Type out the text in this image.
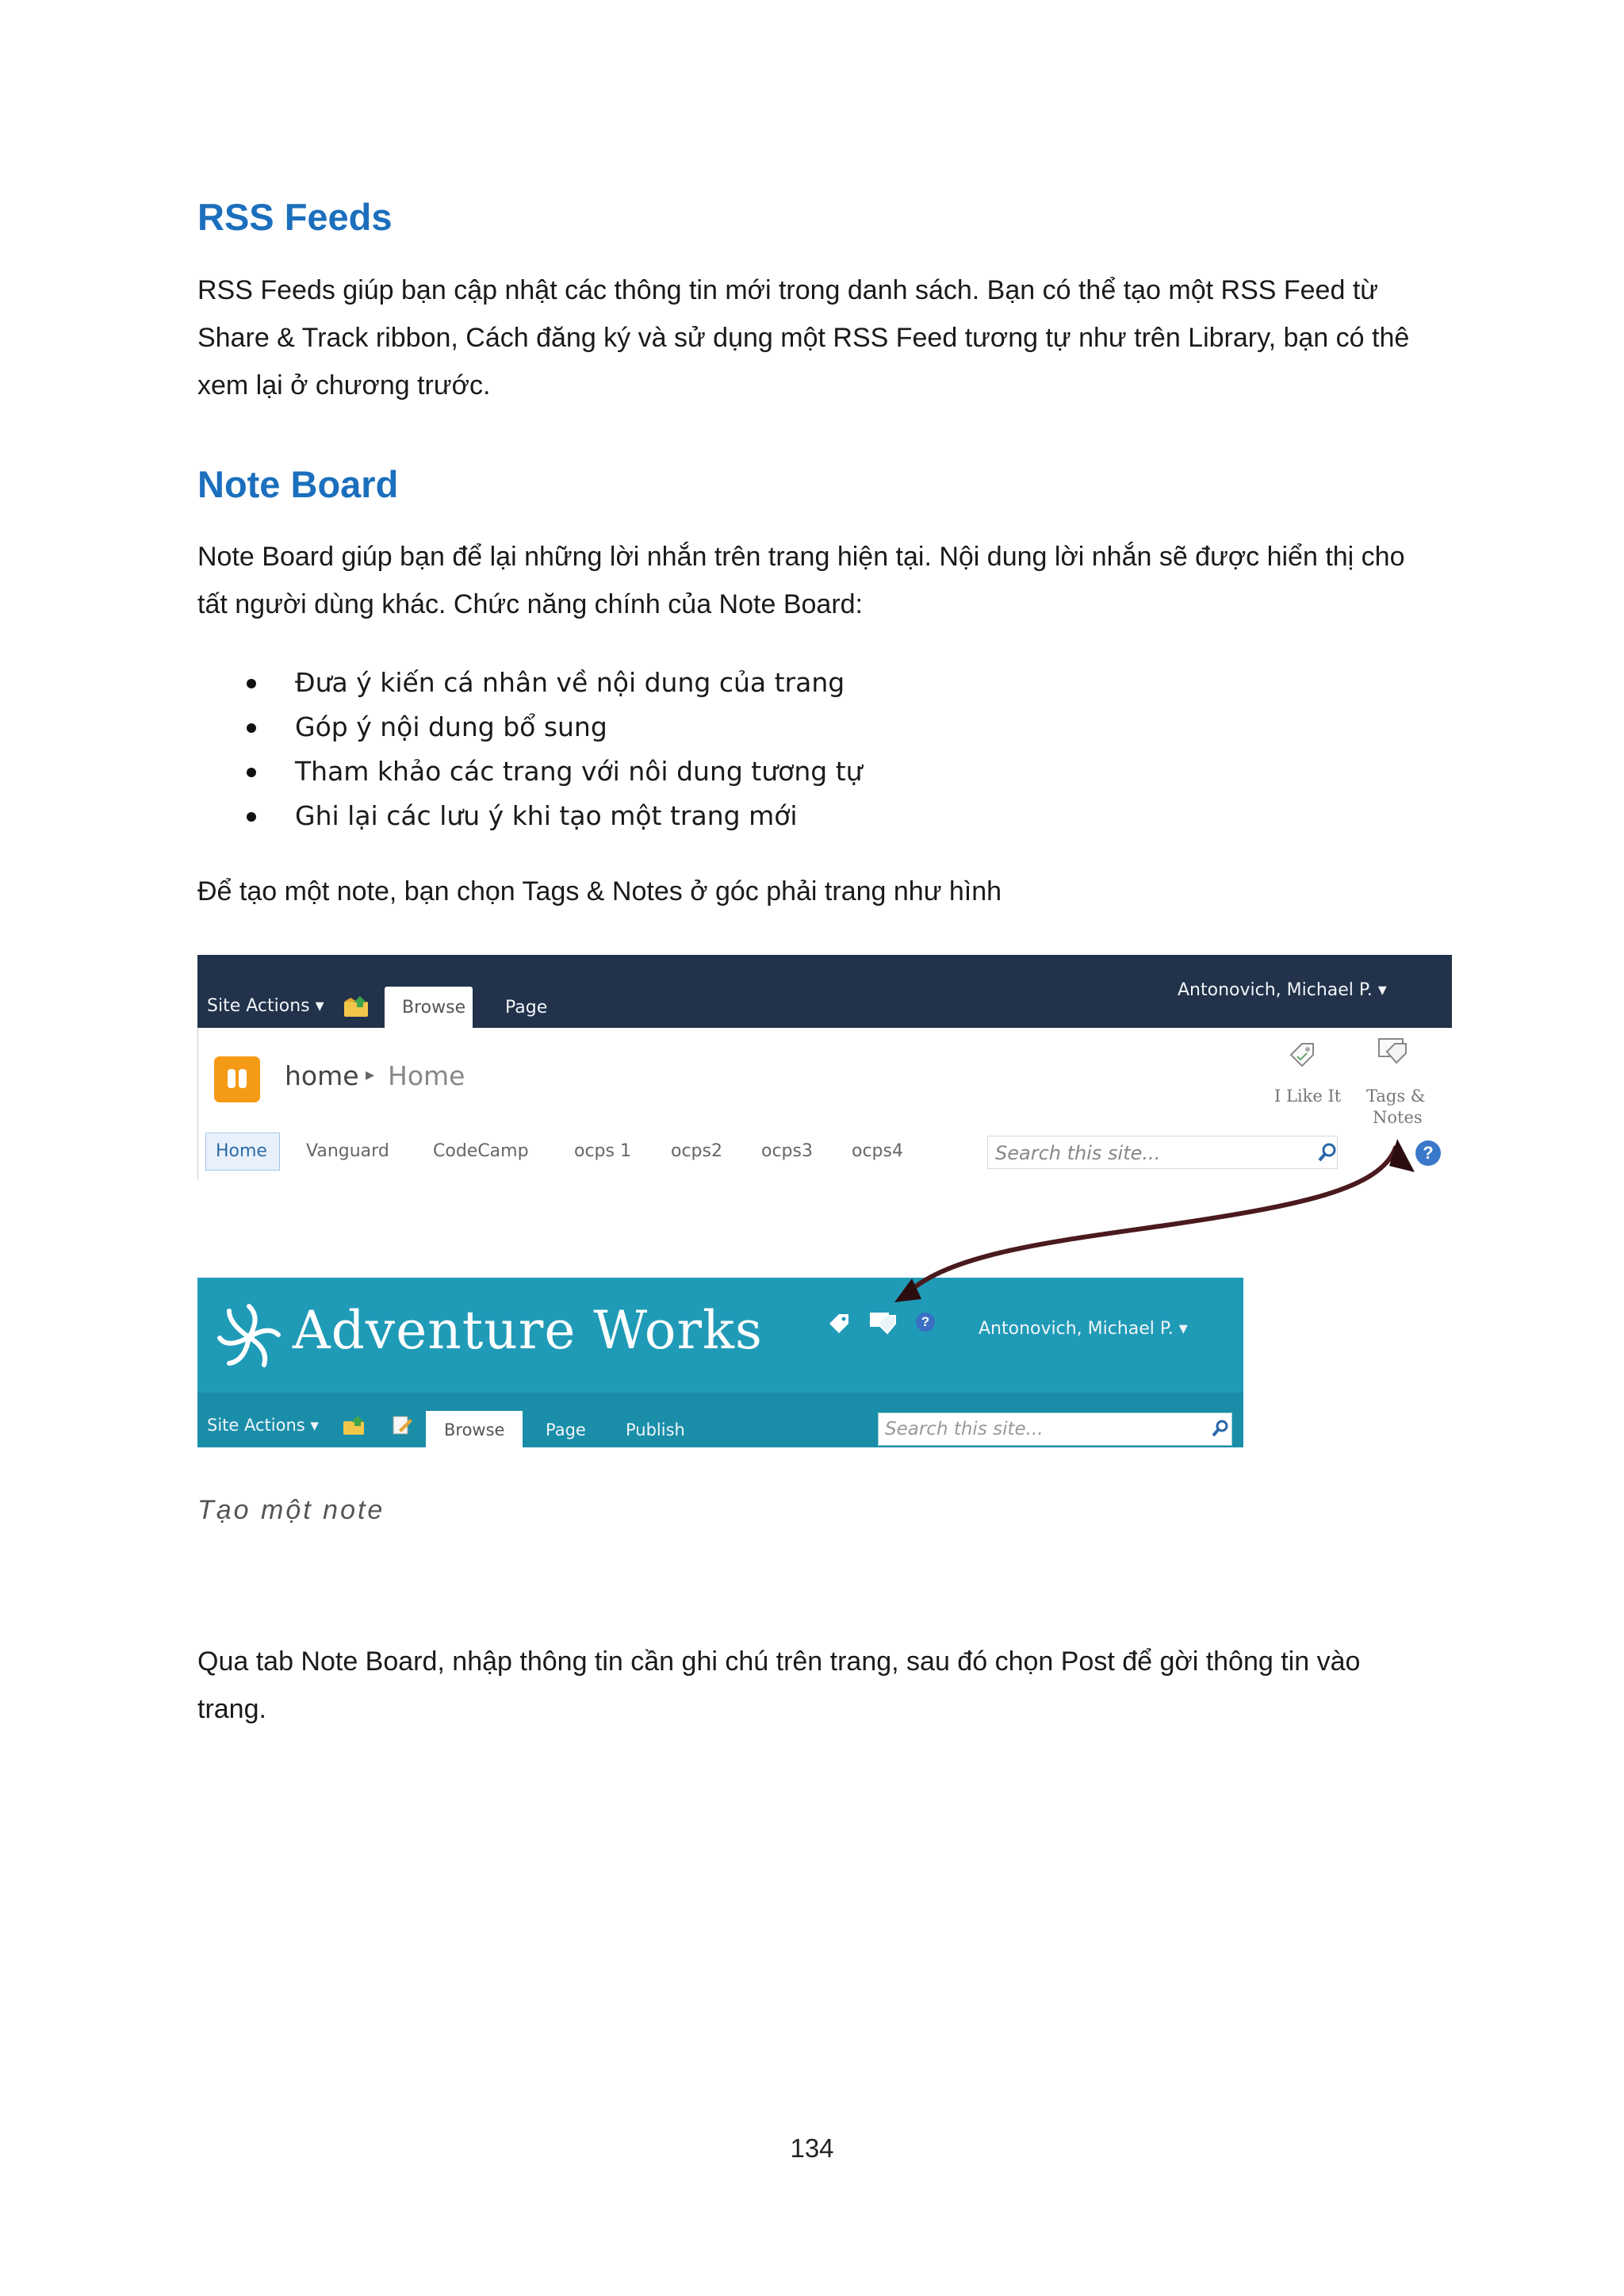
RSS Feeds

RSS Feeds giúp bạn cập nhật các thông tin mới trong danh sách. Bạn có thể tạo một RSS Feed từ
Share & Track ribbon, Cách đăng ký và sử dụng một RSS Feed tương tự như trên Library, bạn có thê
xem lại ở chương trước.

Note Board

Note Board giúp bạn để lại những lời nhắn trên trang hiện tại. Nội dung lời nhắn sẽ được hiển thị cho
tất người dùng khác. Chức năng chính của Note Board:

Đưa ý kiến cá nhân về nội dung của trang
Góp ý nội dung bổ sung
Tham khảo các trang với nôi dung tương tự
Ghi lại các lưu ý khi tạo một trang mới

Để tạo một note, bạn chọn Tags & Notes ở góc phải trang như hình

Site Actions ▾	Browse Page
Antonovich, Michael P. ▾
home ▸ Home
I Like It Tags &
Notes
Home Vanguard	CodeCamp	ocps 1 ocps2 ocps3 ocps4	Search this site...	?
Adventure Works	?	Antonovich, Michael P. ▾
Site Actions ▾	Browse Page Publish	Search this site...
Tạo một note

Qua tab Note Board, nhập thông tin cần ghi chú trên trang, sau đó chọn Post để gời thông tin vào
trang.

134
